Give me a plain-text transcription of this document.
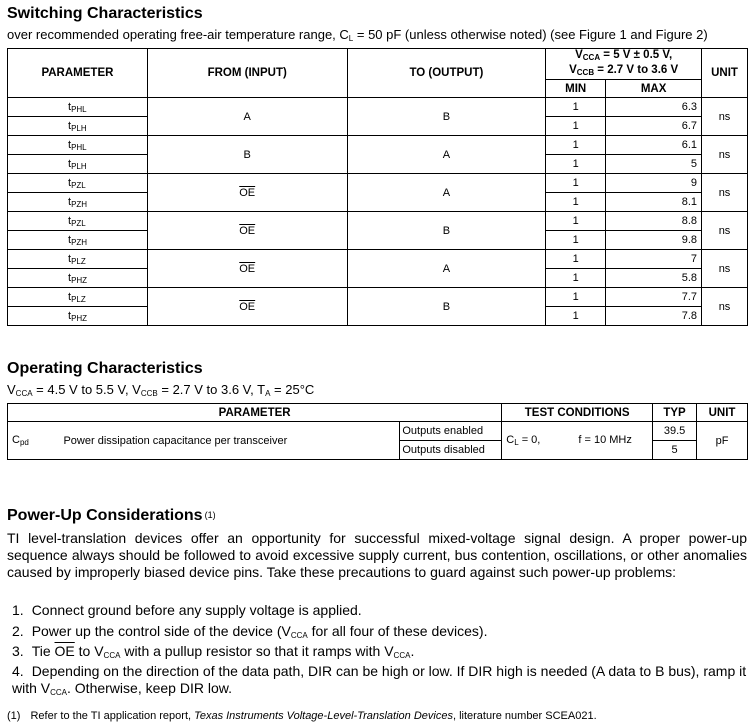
Switching Characteristics
over recommended operating free-air temperature range, $C_L = 50$ pF (unless otherwise noted) (see Figure 1 and Figure 2)
PARAMETER	FROM (INPUT)	TO (OUTPUT)	$V_{CCA} = 5$ V ± 0.5 V,
$V_{CCB} = 2.7$ V to 3.6 V		UNIT
			MIN	MAX	
$t_{PHL}$	A	B	1	6.3	ns
$t_{PLH}$			1	6.7	
$t_{PHL}$	B	A	1	6.1	ns
$t_{PLH}$			1	5	
$t_{PZL}$	$\overline{OE}$	A	1	9	ns
$t_{PZH}$			1	8.1	
$t_{PZL}$	$\overline{OE}$	B	1	8.8	ns
$t_{PZH}$			1	9.8	
$t_{PLZ}$	$\overline{OE}$	A	1	7	ns
$t_{PHZ}$			1	5.8	
$t_{PLZ}$	$\overline{OE}$	B	1	7.7	ns
$t_{PHZ}$			1	7.8	
Operating Characteristics
$V_{CCA} = 4.5$ V to 5.5 V, $V_{CCB} = 2.7$ V to 3.6 V, $T_A = 25^\circ C$
PARAMETER			TEST CONDITIONS	TYP	UNIT
$C_{pd}$	Power dissipation capacitance per transceiver	Outputs enabled	$C_L = 0$, f = 10 MHz	39.5	pF
		Outputs disabled		5	
Power-Up Considerations (1)
TI level-translation devices offer an opportunity for successful mixed-voltage signal design. A proper power-up sequence always should be followed to avoid excessive supply current, bus contention, oscillations, or other anomalies caused by improperly biased device pins. Take these precautions to guard against such power-up problems:
1. Connect ground before any supply voltage is applied.
2. Power up the control side of the device ($V_{CCA}$ for all four of these devices).
3. Tie $\overline{OE}$ to $V_{CCA}$ with a pullup resistor so that it ramps with $V_{CCA}$.
4. Depending on the direction of the data path, DIR can be high or low. If DIR high is needed (A data to B bus), ramp it with $V_{CCA}$. Otherwise, keep DIR low.
(1) Refer to the TI application report, Texas Instruments Voltage-Level-Translation Devices, literature number SCEA021.
